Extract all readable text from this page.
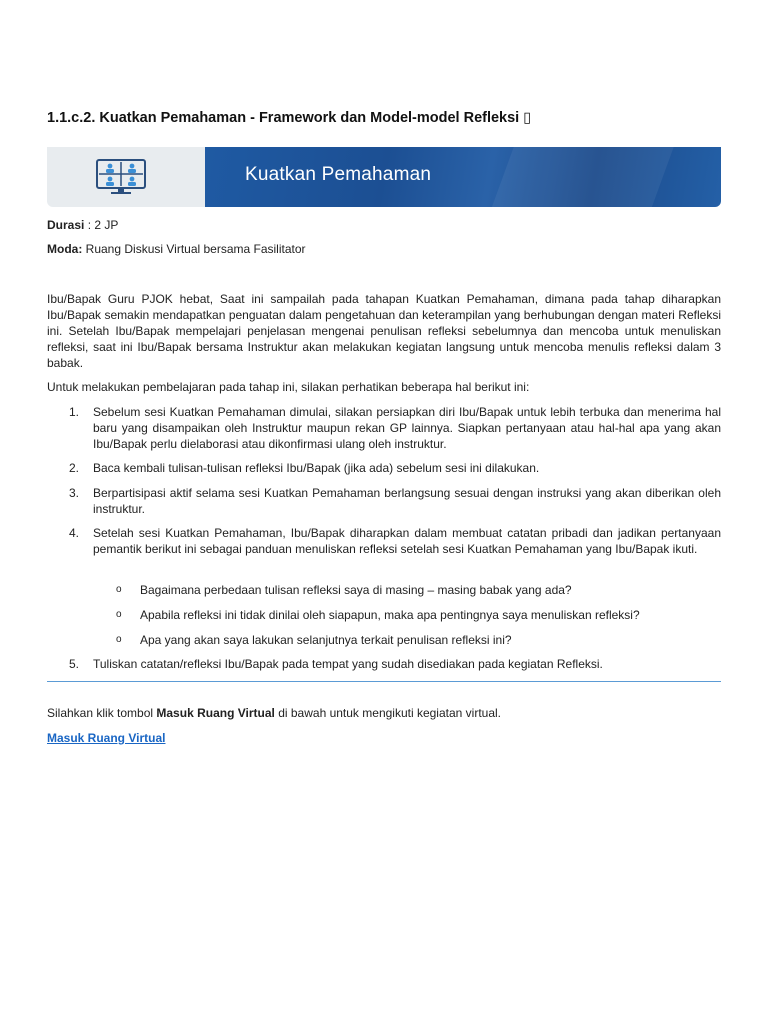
1.1.c.2. Kuatkan Pemahaman - Framework dan Model-model Refleksi ▯
Kuatkan Pemahaman
Durasi : 2 JP
Moda: Ruang Diskusi Virtual bersama Fasilitator
Ibu/Bapak Guru PJOK hebat, Saat ini sampailah pada tahapan Kuatkan Pemahaman, dimana pada tahap diharapkan Ibu/Bapak semakin mendapatkan penguatan dalam pengetahuan dan keterampilan yang berhubungan dengan materi Refleksi ini. Setelah Ibu/Bapak mempelajari penjelasan mengenai penulisan refleksi sebelumnya dan mencoba untuk menuliskan refleksi, saat ini Ibu/Bapak bersama Instruktur akan melakukan kegiatan langsung untuk mencoba menulis refleksi dalam 3 babak.
Untuk melakukan pembelajaran pada tahap ini, silakan perhatikan beberapa hal berikut ini:
1.	Sebelum sesi Kuatkan Pemahaman dimulai, silakan persiapkan diri Ibu/Bapak untuk lebih terbuka dan menerima hal baru yang disampaikan oleh Instruktur maupun rekan GP lainnya. Siapkan pertanyaan atau hal-hal apa yang akan Ibu/Bapak perlu dielaborasi atau dikonfirmasi ulang oleh instruktur.
2.	Baca kembali tulisan-tulisan refleksi Ibu/Bapak (jika ada) sebelum sesi ini dilakukan.
3.	Berpartisipasi aktif selama sesi Kuatkan Pemahaman berlangsung sesuai dengan instruksi yang akan diberikan oleh instruktur.
4.	Setelah sesi Kuatkan Pemahaman, Ibu/Bapak diharapkan dalam membuat catatan pribadi dan jadikan pertanyaan pemantik berikut ini sebagai panduan menuliskan refleksi setelah sesi Kuatkan Pemahaman yang Ibu/Bapak ikuti.
o	Bagaimana perbedaan tulisan refleksi saya di masing – masing babak yang ada?
o	Apabila refleksi ini tidak dinilai oleh siapapun, maka apa pentingnya saya menuliskan refleksi?
o	Apa yang akan saya lakukan selanjutnya terkait penulisan refleksi ini?
5.	Tuliskan catatan/refleksi Ibu/Bapak pada tempat yang sudah disediakan pada kegiatan Refleksi.
Silahkan klik tombol Masuk Ruang Virtual di bawah untuk mengikuti kegiatan virtual.
Masuk Ruang Virtual
